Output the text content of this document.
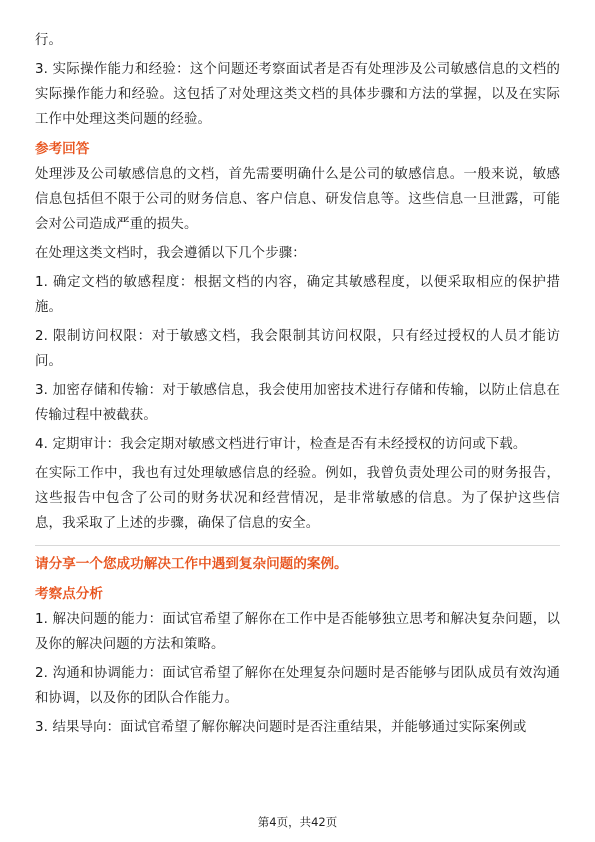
行。

3. 实际操作能力和经验：这个问题还考察面试者是否有处理涉及公司敏感信息的文档的实际操作能力和经验。这包括了对处理这类文档的具体步骤和方法的掌握，以及在实际工作中处理这类问题的经验。

参考回答

处理涉及公司敏感信息的文档，首先需要明确什么是公司的敏感信息。一般来说，敏感信息包括但不限于公司的财务信息、客户信息、研发信息等。这些信息一旦泄露，可能会对公司造成严重的损失。

在处理这类文档时，我会遵循以下几个步骤：

1. 确定文档的敏感程度：根据文档的内容，确定其敏感程度，以便采取相应的保护措施。

2. 限制访问权限：对于敏感文档，我会限制其访问权限，只有经过授权的人员才能访问。

3. 加密存储和传输：对于敏感信息，我会使用加密技术进行存储和传输，以防止信息在传输过程中被截获。

4. 定期审计：我会定期对敏感文档进行审计，检查是否有未经授权的访问或下载。

在实际工作中，我也有过处理敏感信息的经验。例如，我曾负责处理公司的财务报告，这些报告中包含了公司的财务状况和经营情况，是非常敏感的信息。为了保护这些信息，我采取了上述的步骤，确保了信息的安全。

请分享一个您成功解决工作中遇到复杂问题的案例。
考察点分析

1. 解决问题的能力：面试官希望了解你在工作中是否能够独立思考和解决复杂问题，以及你的解决问题的方法和策略。

2. 沟通和协调能力：面试官希望了解你在处理复杂问题时是否能够与团队成员有效沟通和协调，以及你的团队合作能力。

3. 结果导向：面试官希望了解你解决问题时是否注重结果，并能够通过实际案例或

第4页，共42页
